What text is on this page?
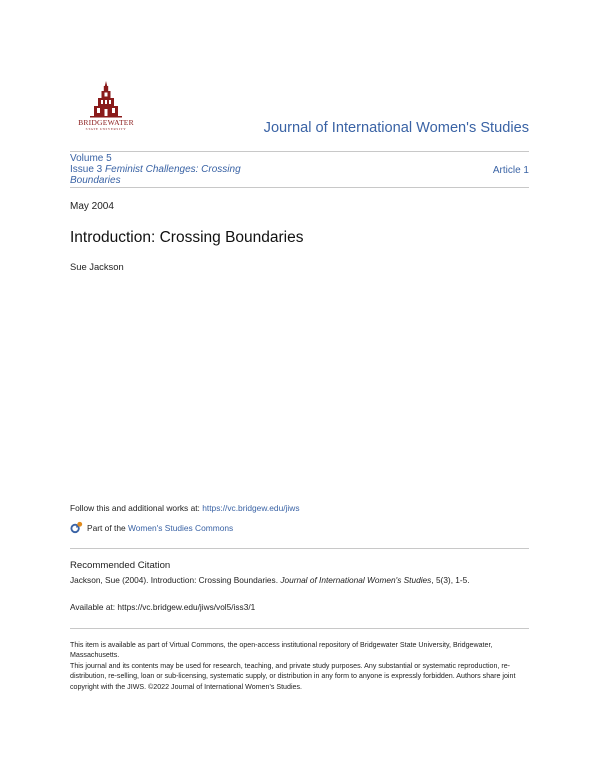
BRIDGEWATER
STATE UNIVERSITY	Journal of International Women's Studies
Volume 5
Issue 3 Feminist Challenges: Crossing Boundaries
Article 1
May 2004
Introduction: Crossing Boundaries
Sue Jackson
Follow this and additional works at: https://vc.bridgew.edu/jiws
Part of the
Women's Studies Commons
Recommended Citation
Jackson, Sue (2004). Introduction: Crossing Boundaries. Journal of International Women's Studies, 5(3), 1-5.
Available at: https://vc.bridgew.edu/jiws/vol5/iss3/1
This item is available as part of Virtual Commons, the open-access institutional repository of Bridgewater State University, Bridgewater, Massachusetts.
This journal and its contents may be used for research, teaching, and private study purposes. Any substantial or systematic reproduction, re-distribution, re-selling, loan or sub-licensing, systematic supply, or distribution in any form to anyone is expressly forbidden. Authors share joint copyright with the JIWS. ©2022 Journal of International Women's Studies.
